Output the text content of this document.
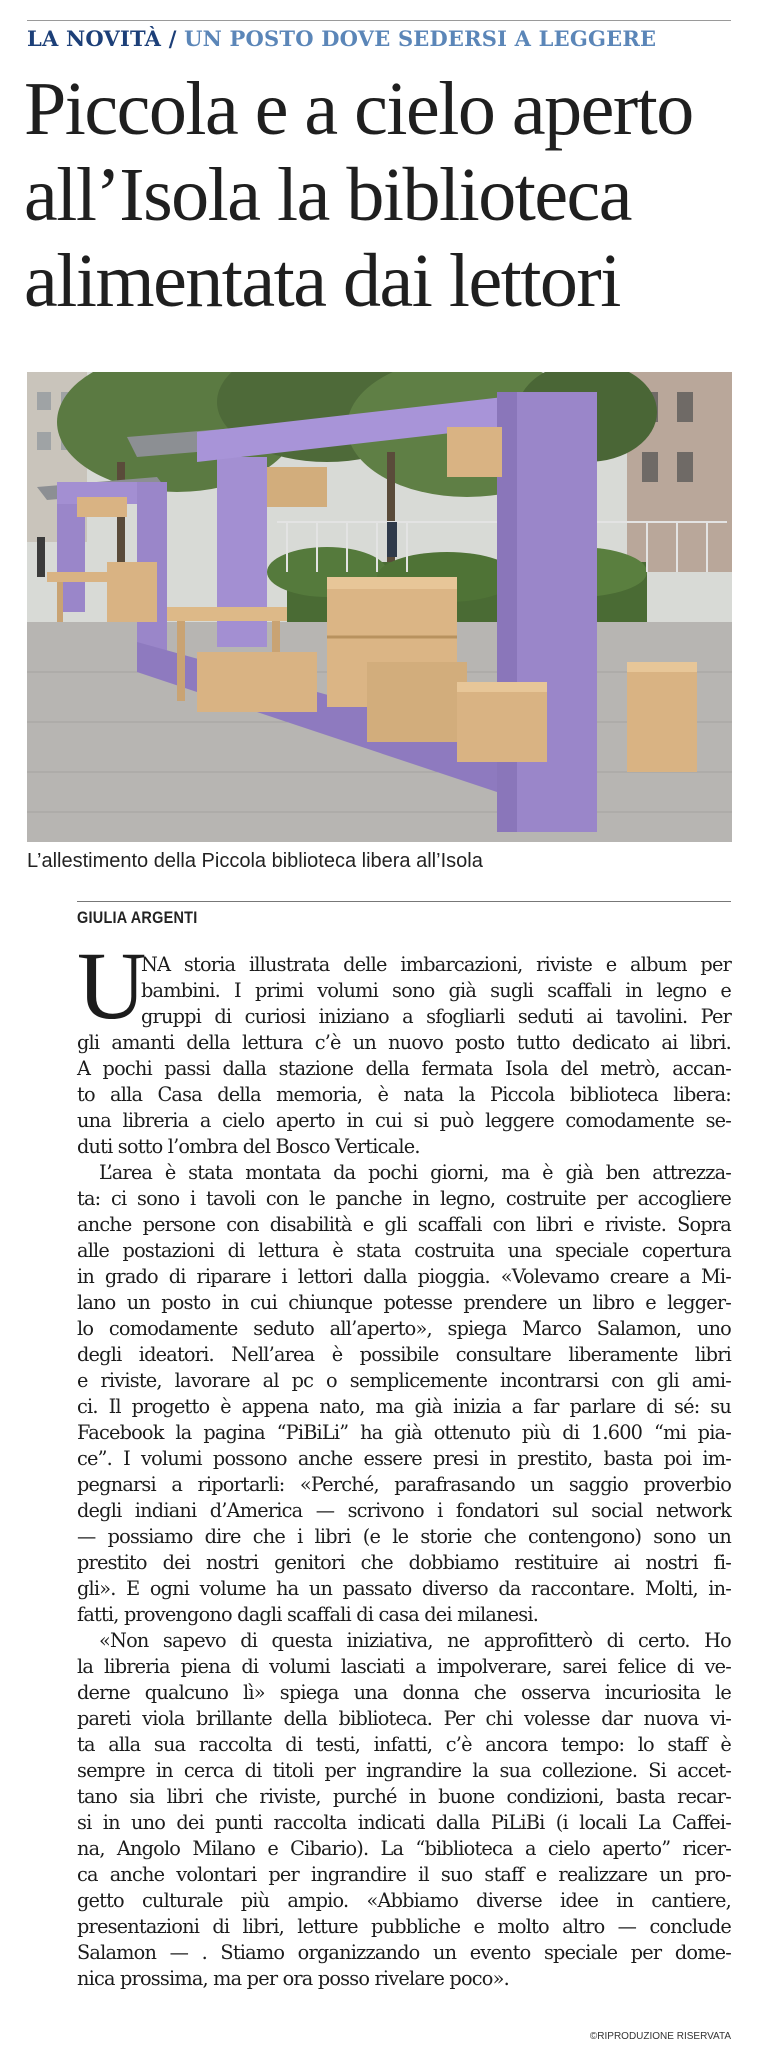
LA NOVITÀ / UN POSTO DOVE SEDERSI A LEGGERE
Piccola e a cielo aperto
all’Isola la biblioteca
alimentata dai lettori
L’allestimento della Piccola biblioteca libera all’Isola
GIULIA ARGENTI
U
NA storia illustrata delle imbarcazioni, riviste e album per
bambini. I primi volumi sono già sugli scaffali in legno e
gruppi di curiosi iniziano a sfogliarli seduti ai tavolini. Per
gli amanti della lettura c’è un nuovo posto tutto dedicato ai libri.
A pochi passi dalla stazione della fermata Isola del metrò, accan-
to alla Casa della memoria, è nata la Piccola biblioteca libera:
una libreria a cielo aperto in cui si può leggere comodamente se-
duti sotto l’ombra del Bosco Verticale.
L’area è stata montata da pochi giorni, ma è già ben attrezza-
ta: ci sono i tavoli con le panche in legno, costruite per accogliere
anche persone con disabilità e gli scaffali con libri e riviste. Sopra
alle postazioni di lettura è stata costruita una speciale copertura
in grado di riparare i lettori dalla pioggia. «Volevamo creare a Mi-
lano un posto in cui chiunque potesse prendere un libro e legger-
lo comodamente seduto all’aperto», spiega Marco Salamon, uno
degli ideatori. Nell’area è possibile consultare liberamente libri
e riviste, lavorare al pc o semplicemente incontrarsi con gli ami-
ci. Il progetto è appena nato, ma già inizia a far parlare di sé: su
Facebook la pagina “PiBiLi” ha già ottenuto più di 1.600 “mi pia-
ce”. I volumi possono anche essere presi in prestito, basta poi im-
pegnarsi a riportarli: «Perché, parafrasando un saggio proverbio
degli indiani d’America — scrivono i fondatori sul social network
— possiamo dire che i libri (e le storie che contengono) sono un
prestito dei nostri genitori che dobbiamo restituire ai nostri fi-
gli». E ogni volume ha un passato diverso da raccontare. Molti, in-
fatti, provengono dagli scaffali di casa dei milanesi.
«Non sapevo di questa iniziativa, ne approfitterò di certo. Ho
la libreria piena di volumi lasciati a impolverare, sarei felice di ve-
derne qualcuno lì» spiega una donna che osserva incuriosita le
pareti viola brillante della biblioteca. Per chi volesse dar nuova vi-
ta alla sua raccolta di testi, infatti, c’è ancora tempo: lo staff è
sempre in cerca di titoli per ingrandire la sua collezione. Si accet-
tano sia libri che riviste, purché in buone condizioni, basta recar-
si in uno dei punti raccolta indicati dalla PiLiBi (i locali La Caffei-
na, Angolo Milano e Cibario). La “biblioteca a cielo aperto” ricer-
ca anche volontari per ingrandire il suo staff e realizzare un pro-
getto culturale più ampio. «Abbiamo diverse idee in cantiere,
presentazioni di libri, letture pubbliche e molto altro — conclude
Salamon — . Stiamo organizzando un evento speciale per dome-
nica prossima, ma per ora posso rivelare poco».
©RIPRODUZIONE RISERVATA
